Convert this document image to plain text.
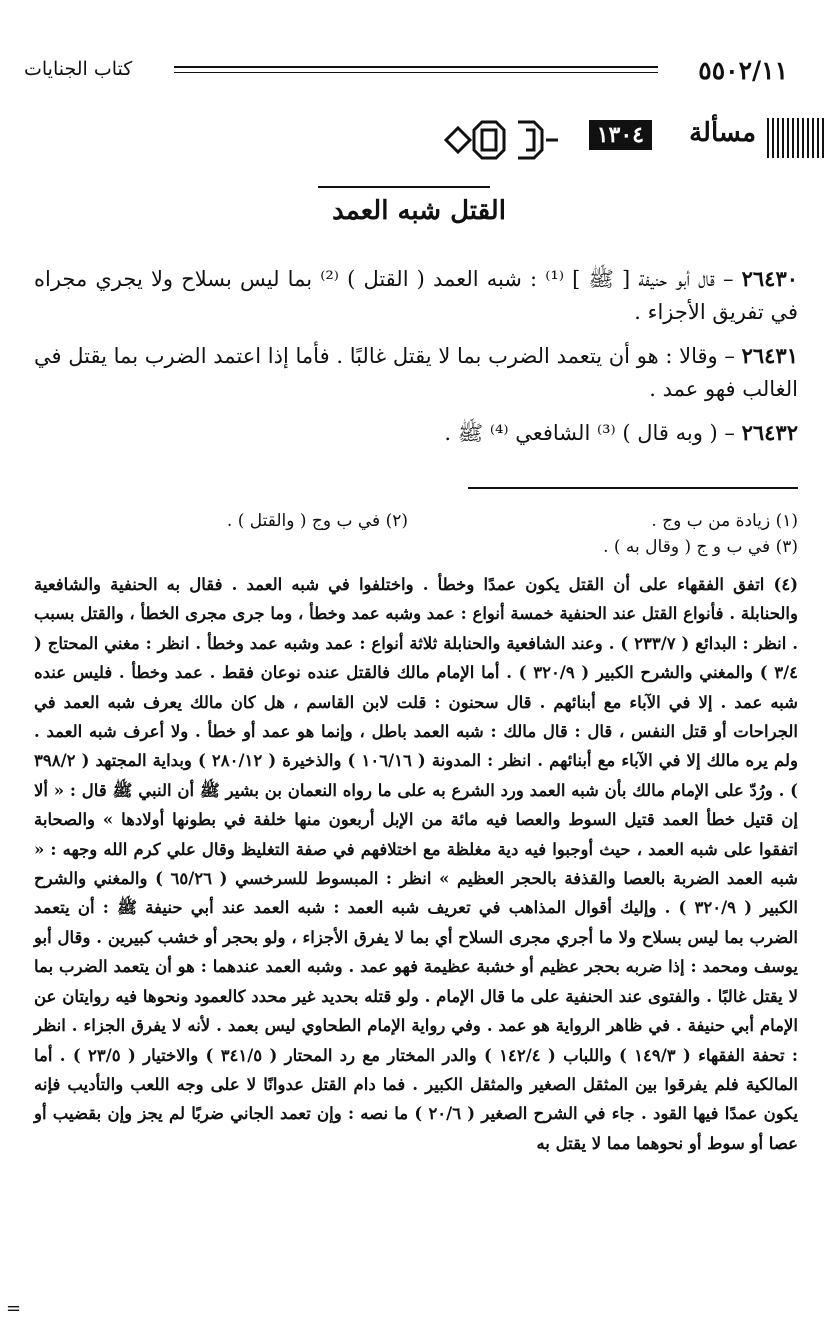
٥٥٠٢/١١
كتاب الجنايات
مسألة
١٣٠٤
القتل شبه العمد

٢٦٤٣٠ – قال أبو حنيفة [ ﷺ ] ⁽¹⁾ : شبه العمد ( القتل ) ⁽²⁾ بما ليس بسلاح ولا يجري مجراه في تفريق الأجزاء .

٢٦٤٣١ – وقالا : هو أن يتعمد الضرب بما لا يقتل غالبًا . فأما إذا اعتمد الضرب بما يقتل في الغالب فهو عمد .

٢٦٤٣٢ – ( وبه قال ) ⁽³⁾ الشافعي ⁽⁴⁾ ﷺ .

(١) زيادة من ب وج .
(٢) في ب وج ( والقتل ) .
(٣) في ب و ج ( وقال به ) .

(٤) اتفق الفقهاء على أن القتل يكون عمدًا وخطأ . واختلفوا في شبه العمد . فقال به الحنفية والشافعية والحنابلة . فأنواع القتل عند الحنفية خمسة أنواع : عمد وشبه عمد وخطأ ، وما جرى مجرى الخطأ ، والقتل بسبب . انظر : البدائع ( ٢٣٣/٧ ) . وعند الشافعية والحنابلة ثلاثة أنواع : عمد وشبه عمد وخطأ . انظر : مغني المحتاج ( ٣/٤ ) والمغني والشرح الكبير ( ٣٢٠/٩ ) . أما الإمام مالك فالقتل عنده نوعان فقط . عمد وخطأ . فليس عنده شبه عمد . إلا في الآباء مع أبنائهم . قال سحنون : قلت لابن القاسم ، هل كان مالك يعرف شبه العمد في الجراحات أو قتل النفس ، قال : قال مالك : شبه العمد باطل ، وإنما هو عمد أو خطأ . ولا أعرف شبه العمد . ولم يره مالك إلا في الآباء مع أبنائهم . انظر : المدونة ( ١٠٦/١٦ ) والذخيرة ( ٢٨٠/١٢ ) وبداية المجتهد ( ٣٩٨/٢ ) . ورُدّ على الإمام مالك بأن شبه العمد ورد الشرع به على ما رواه النعمان بن بشير ﷺ أن النبي ﷺ قال : « ألا إن قتيل خطأ العمد قتيل السوط والعصا فيه مائة من الإبل أربعون منها خلفة في بطونها أولادها » والصحابة اتفقوا على شبه العمد ، حيث أوجبوا فيه دية مغلظة مع اختلافهم في صفة التغليظ وقال علي كرم الله وجهه : « شبه العمد الضربة بالعصا والقذفة بالحجر العظيم » انظر : المبسوط للسرخسي ( ٦٥/٢٦ ) والمغني والشرح الكبير ( ٣٢٠/٩ ) . وإليك أقوال المذاهب في تعريف شبه العمد : شبه العمد عند أبي حنيفة ﷺ : أن يتعمد الضرب بما ليس بسلاح ولا ما أجري مجرى السلاح أي بما لا يفرق الأجزاء ، ولو بحجر أو خشب كبيرين . وقال أبو يوسف ومحمد : إذا ضربه بحجر عظيم أو خشبة عظيمة فهو عمد . وشبه العمد عندهما : هو أن يتعمد الضرب بما لا يقتل غالبًا . والفتوى عند الحنفية على ما قال الإمام . ولو قتله بحديد غير محدد كالعمود ونحوها فيه روايتان عن الإمام أبي حنيفة . في ظاهر الرواية هو عمد . وفي رواية الإمام الطحاوي ليس بعمد . لأنه لا يفرق الجزاء . انظر : تحفة الفقهاء ( ١٤٩/٣ ) واللباب ( ١٤٢/٤ ) والدر المختار مع رد المحتار ( ٣٤١/٥ ) والاختيار ( ٢٣/٥ ) . أما المالكية فلم يفرقوا بين المثقل الصغير والمثقل الكبير . فما دام القتل عدوانًا لا على وجه اللعب والتأديب فإنه يكون عمدًا فيها القود . جاء في الشرح الصغير ( ٢٠/٦ ) ما نصه : وإن تعمد الجاني ضربًا لم يجز وإن بقضيب أو عصا أو سوط أو نحوهما مما لا يقتل به

=
